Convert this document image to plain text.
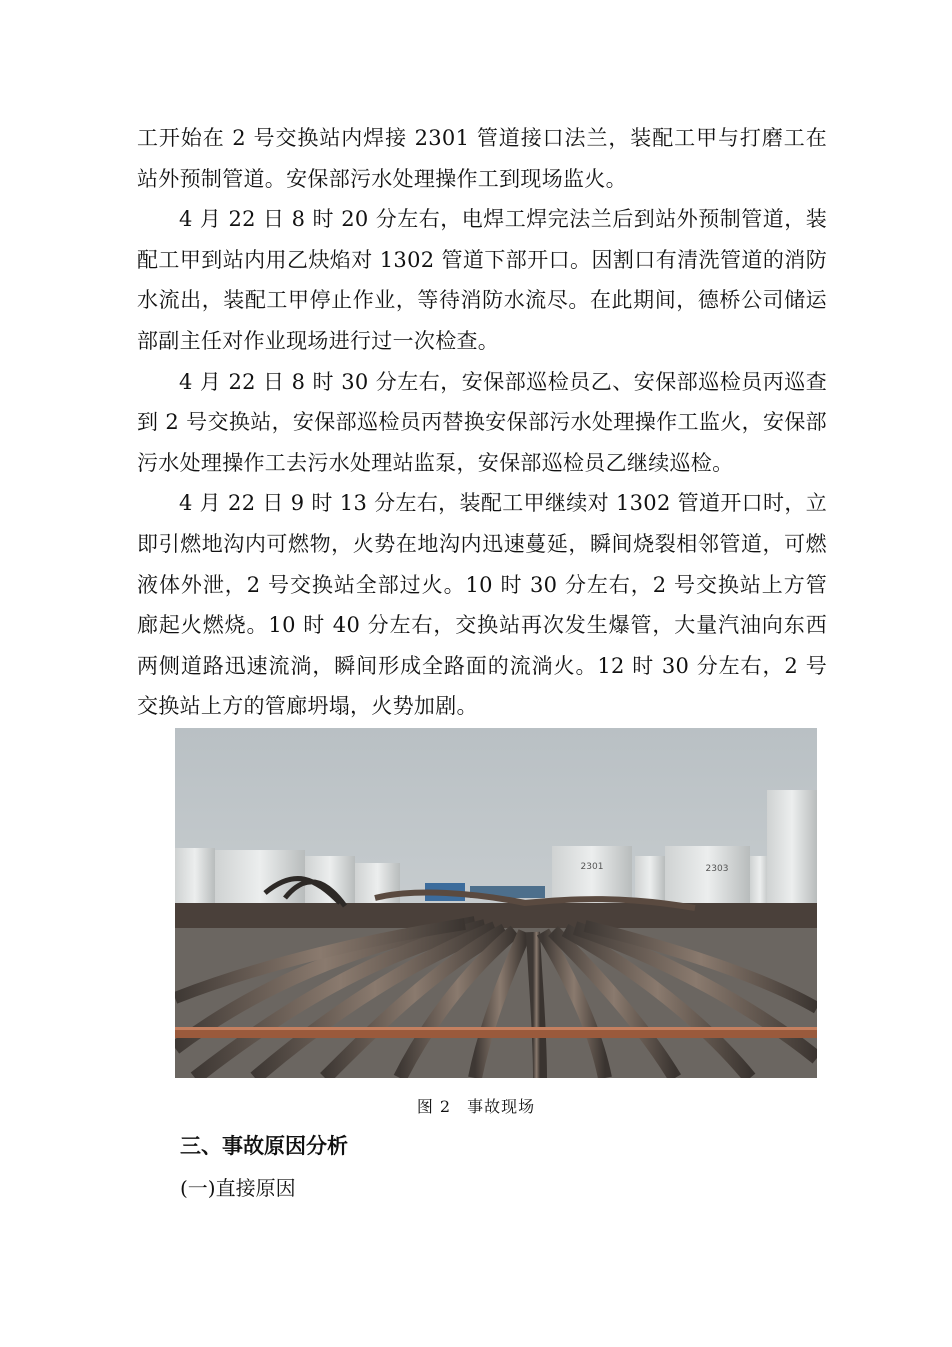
工开始在 2 号交换站内焊接 2301 管道接口法兰，装配工甲与打磨工在站外预制管道。安保部污水处理操作工到现场监火。

4 月 22 日 8 时 20 分左右，电焊工焊完法兰后到站外预制管道，装配工甲到站内用乙炔焰对 1302 管道下部开口。因割口有清洗管道的消防水流出，装配工甲停止作业，等待消防水流尽。在此期间，德桥公司储运部副主任对作业现场进行过一次检查。

4 月 22 日 8 时 30 分左右，安保部巡检员乙、安保部巡检员丙巡查到 2 号交换站，安保部巡检员丙替换安保部污水处理操作工监火，安保部污水处理操作工去污水处理站监泵，安保部巡检员乙继续巡检。

4 月 22 日 9 时 13 分左右，装配工甲继续对 1302 管道开口时，立即引燃地沟内可燃物，火势在地沟内迅速蔓延，瞬间烧裂相邻管道，可燃液体外泄，2 号交换站全部过火。10 时 30 分左右，2 号交换站上方管廊起火燃烧。10 时 40 分左右，交换站再次发生爆管，大量汽油向东西两侧道路迅速流淌，瞬间形成全路面的流淌火。12 时 30 分左右，2 号交换站上方的管廊坍塌，火势加剧。

2301	2303
图 2 事故现场
三、事故原因分析
(一)直接原因
